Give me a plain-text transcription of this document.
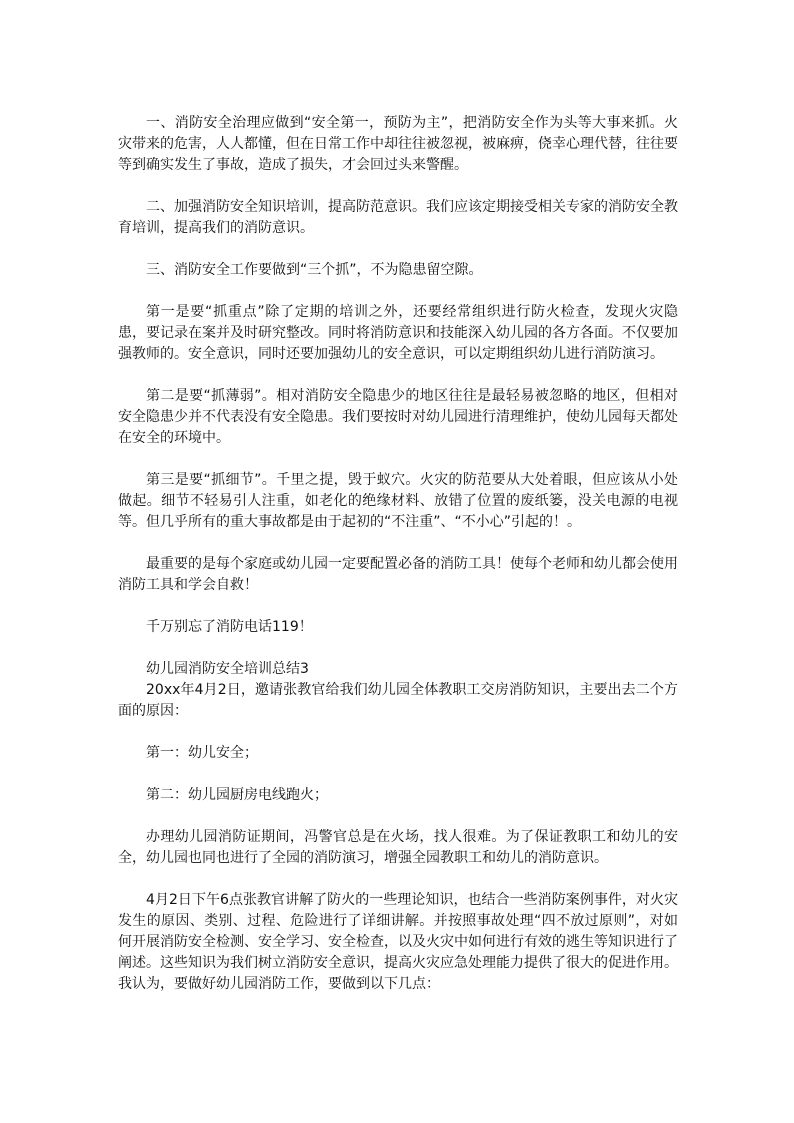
一、消防安全治理应做到“安全第一，预防为主”，把消防安全作为头等大事来抓。火灾带来的危害，人人都懂，但在日常工作中却往往被忽视，被麻痹，侥幸心理代替，往往要等到确实发生了事故，造成了损失，才会回过头来警醒。

二、加强消防安全知识培训，提高防范意识。我们应该定期接受相关专家的消防安全教育培训，提高我们的消防意识。

三、消防安全工作要做到“三个抓”，不为隐患留空隙。

第一是要“抓重点”除了定期的培训之外，还要经常组织进行防火检查，发现火灾隐患，要记录在案并及时研究整改。同时将消防意识和技能深入幼儿园的各方各面。不仅要加强教师的。安全意识，同时还要加强幼儿的安全意识，可以定期组织幼儿进行消防演习。

第二是要“抓薄弱”。相对消防安全隐患少的地区往往是最轻易被忽略的地区，但相对安全隐患少并不代表没有安全隐患。我们要按时对幼儿园进行清理维护，使幼儿园每天都处在安全的环境中。

第三是要“抓细节”。千里之提，毁于蚁穴。火灾的防范要从大处着眼，但应该从小处做起。细节不轻易引人注重，如老化的绝缘材料、放错了位置的废纸篓，没关电源的电视等。但几乎所有的重大事故都是由于起初的“不注重”、“不小心”引起的！。

最重要的是每个家庭或幼儿园一定要配置必备的消防工具！使每个老师和幼儿都会使用消防工具和学会自救！

千万别忘了消防电话119！

幼儿园消防安全培训总结3

20xx年4月2日，邀请张教官给我们幼儿园全体教职工交房消防知识，主要出去二个方面的原因：

第一：幼儿安全；

第二：幼儿园厨房电线跑火；

办理幼儿园消防证期间，冯警官总是在火场，找人很难。为了保证教职工和幼儿的安全，幼儿园也同也进行了全园的消防演习，增强全园教职工和幼儿的消防意识。

4月2日下午6点张教官讲解了防火的一些理论知识，也结合一些消防案例事件，对火灾发生的原因、类别、过程、危险进行了详细讲解。并按照事故处理“四不放过原则”，对如何开展消防安全检测、安全学习、安全检查，以及火灾中如何进行有效的逃生等知识进行了阐述。这些知识为我们树立消防安全意识，提高火灾应急处理能力提供了很大的促进作用。我认为，要做好幼儿园消防工作，要做到以下几点：
